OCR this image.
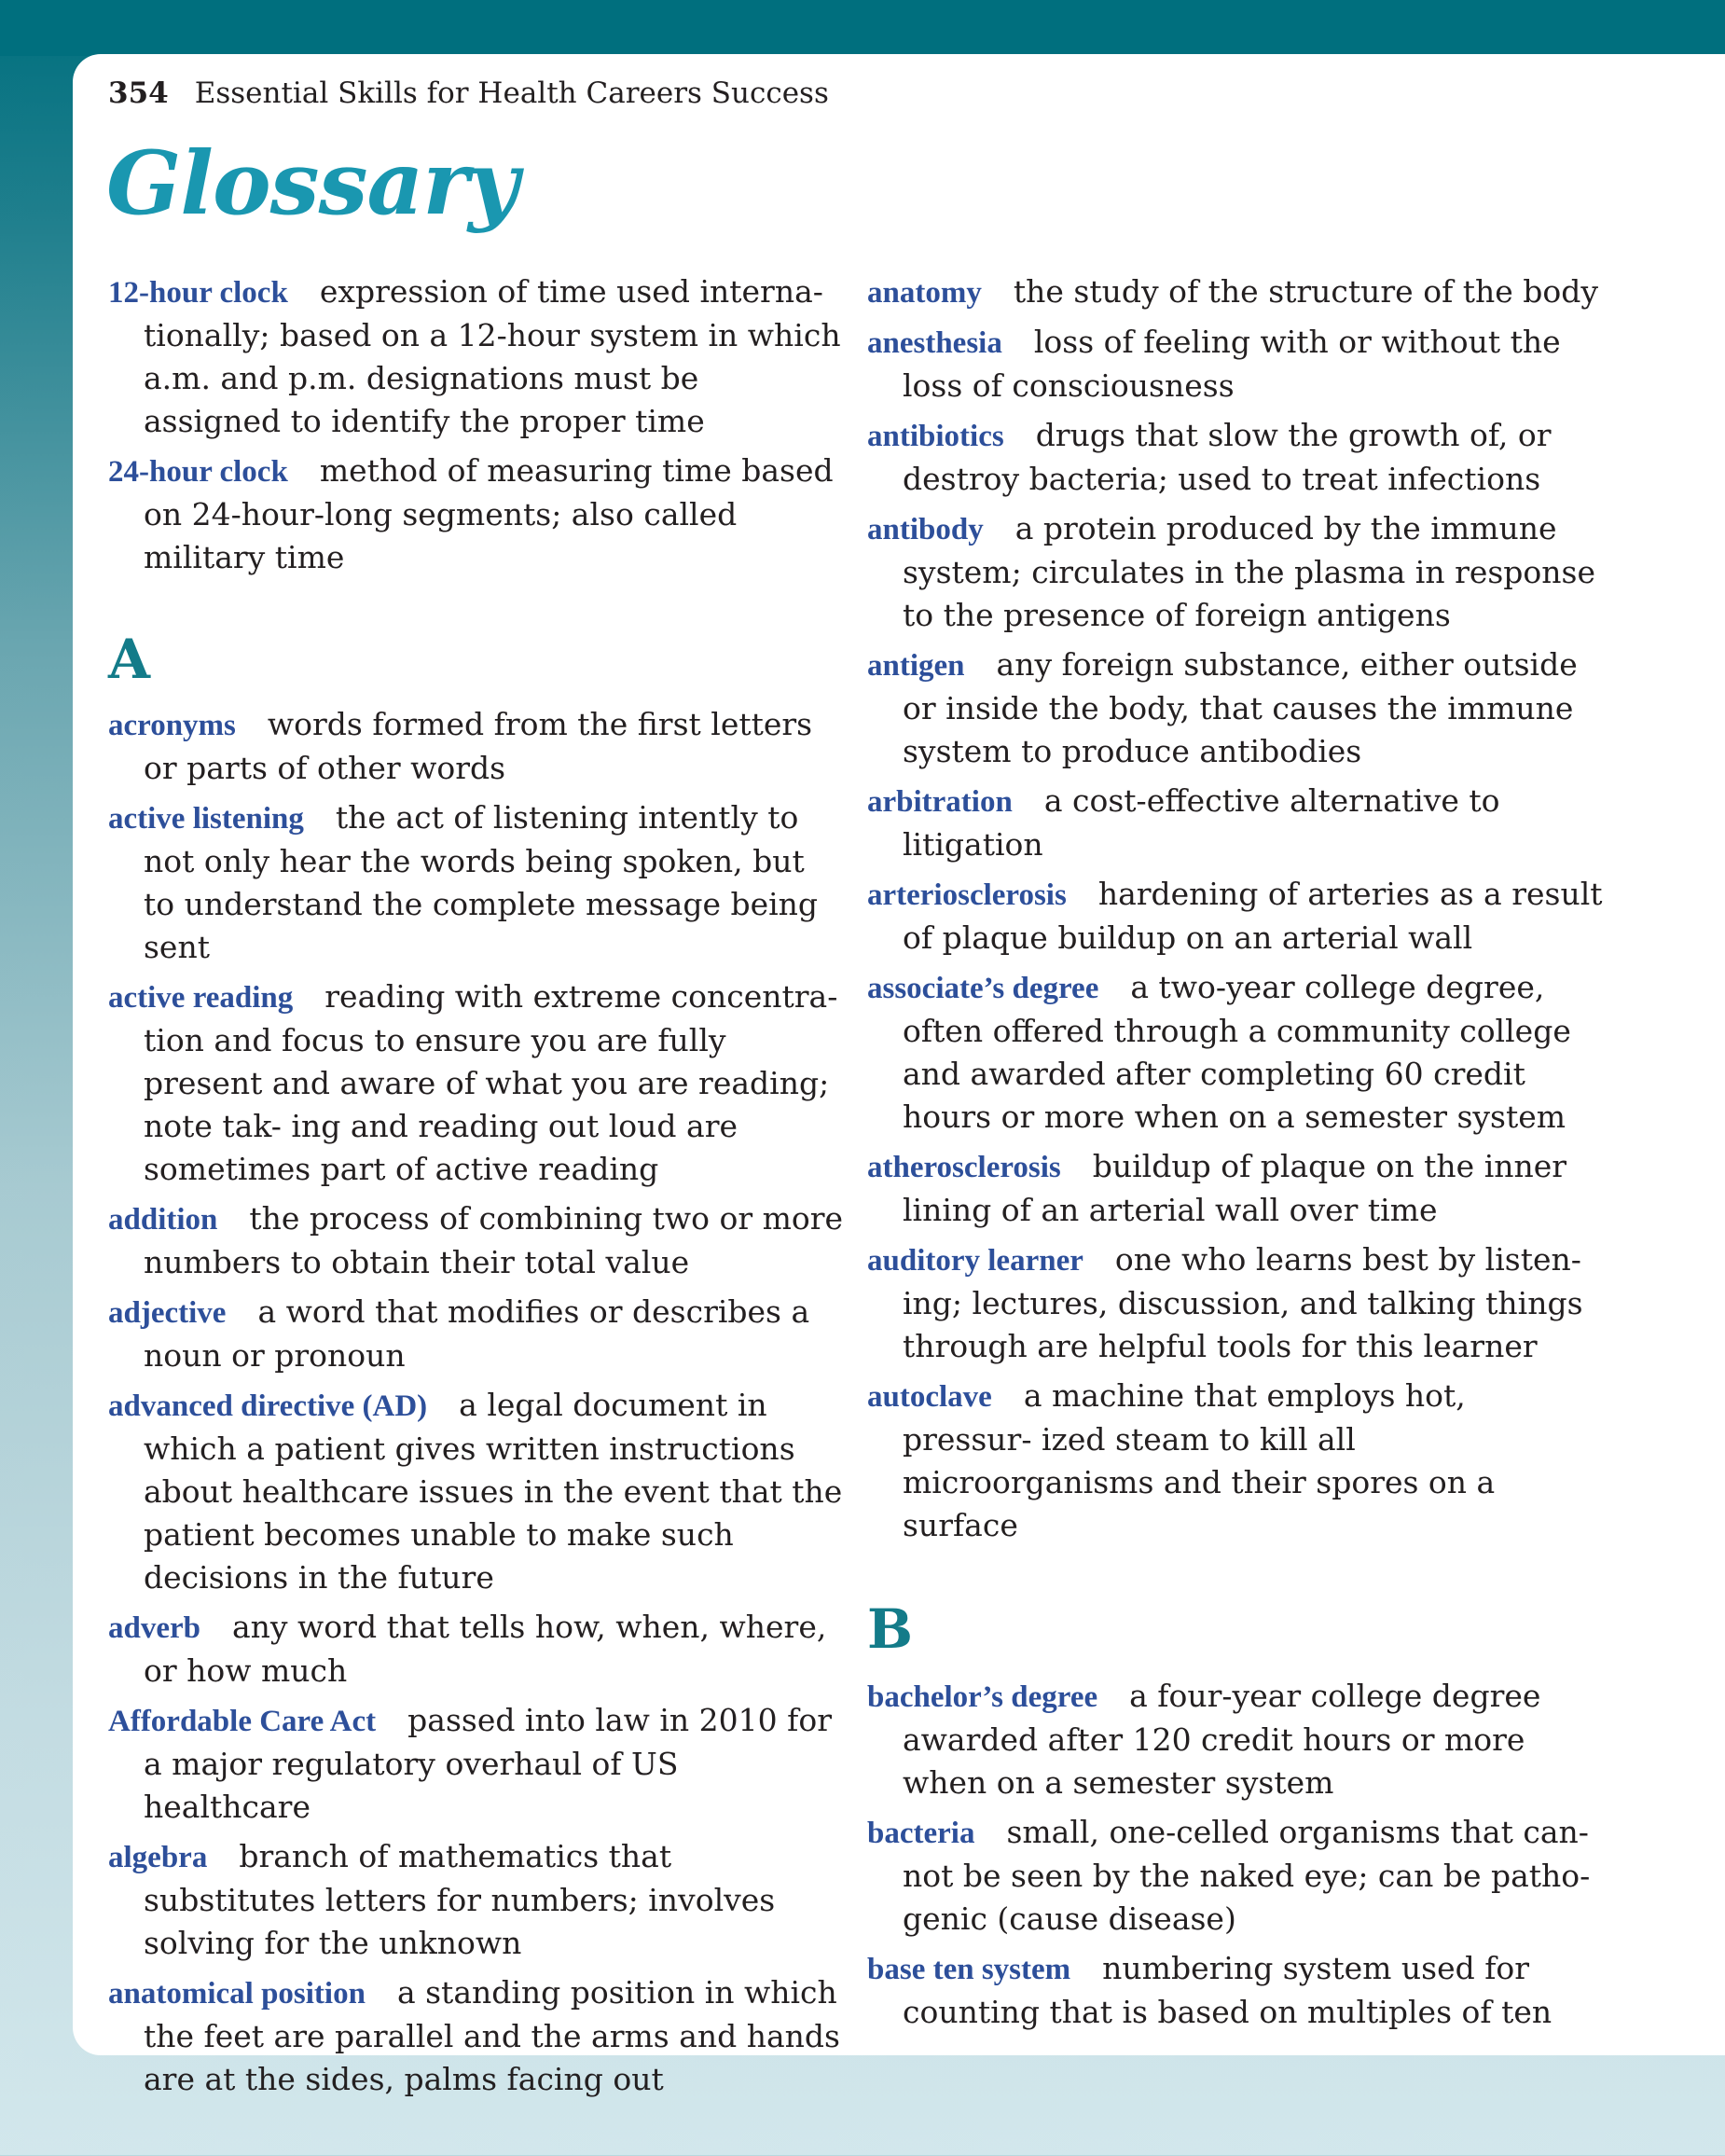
354 Essential Skills for Health Careers Success
Glossary

12-hour clock expression of time used interna- tionally; based on a 12-hour system in which a.m. and p.m. designations must be assigned to identify the proper time

24-hour clock method of measuring time based on 24-hour-long segments; also called military time

A

acronyms words formed from the first letters or parts of other words

active listening the act of listening intently to not only hear the words being spoken, but to understand the complete message being sent

active reading reading with extreme concentra- tion and focus to ensure you are fully present and aware of what you are reading; note tak- ing and reading out loud are sometimes part of active reading

addition the process of combining two or more numbers to obtain their total value

adjective a word that modifies or describes a noun or pronoun

advanced directive (AD) a legal document in which a patient gives written instructions about healthcare issues in the event that the patient becomes unable to make such decisions in the future

adverb any word that tells how, when, where, or how much

Affordable Care Act passed into law in 2010 for a major regulatory overhaul of US healthcare

algebra branch of mathematics that substitutes letters for numbers; involves solving for the unknown

anatomical position a standing position in which the feet are parallel and the arms and hands are at the sides, palms facing out

anatomy the study of the structure of the body

anesthesia loss of feeling with or without the loss of consciousness

antibiotics drugs that slow the growth of, or destroy bacteria; used to treat infections

antibody a protein produced by the immune system; circulates in the plasma in response to the presence of foreign antigens

antigen any foreign substance, either outside or inside the body, that causes the immune system to produce antibodies

arbitration a cost-effective alternative to litigation

arteriosclerosis hardening of arteries as a result of plaque buildup on an arterial wall

associate’s degree a two-year college degree, often offered through a community college and awarded after completing 60 credit hours or more when on a semester system

atherosclerosis buildup of plaque on the inner lining of an arterial wall over time

auditory learner one who learns best by listen- ing; lectures, discussion, and talking things through are helpful tools for this learner

autoclave a machine that employs hot, pressur- ized steam to kill all microorganisms and their spores on a surface

B

bachelor’s degree a four-year college degree awarded after 120 credit hours or more when on a semester system

bacteria small, one-celled organisms that can- not be seen by the naked eye; can be patho- genic (cause disease)

base ten system numbering system used for counting that is based on multiples of ten
